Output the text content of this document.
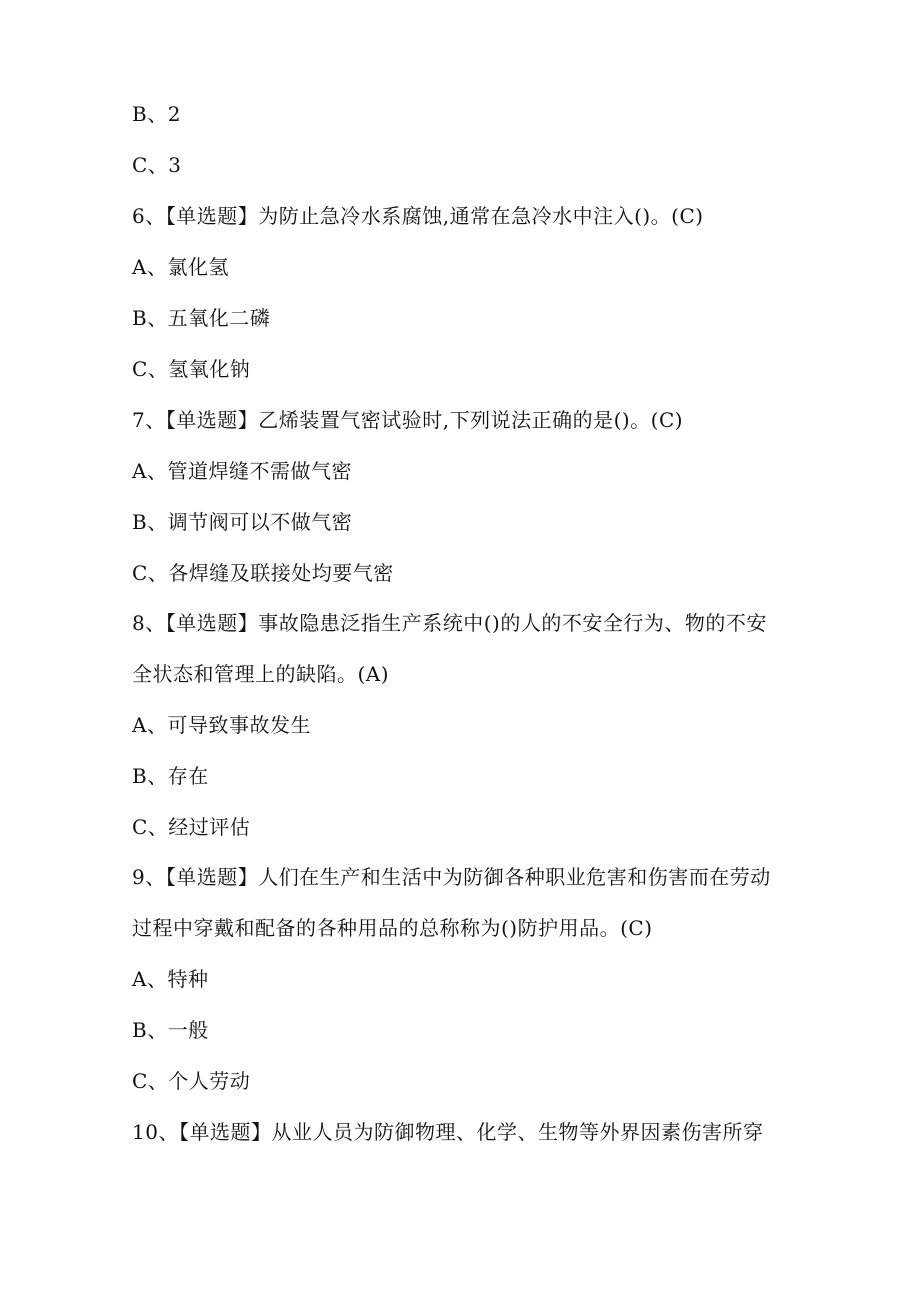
B、2
C、3
6、【单选题】为防止急冷水系腐蚀,通常在急冷水中注入()。(C)
A、氯化氢
B、五氧化二磷
C、氢氧化钠
7、【单选题】乙烯装置气密试验时,下列说法正确的是()。(C)
A、管道焊缝不需做气密
B、调节阀可以不做气密
C、各焊缝及联接处均要气密
8、【单选题】事故隐患泛指生产系统中()的人的不安全行为、物的不安
全状态和管理上的缺陷。(A)
A、可导致事故发生
B、存在
C、经过评估
9、【单选题】人们在生产和生活中为防御各种职业危害和伤害而在劳动
过程中穿戴和配备的各种用品的总称称为()防护用品。(C)
A、特种
B、一般
C、个人劳动
10、【单选题】从业人员为防御物理、化学、生物等外界因素伤害所穿
